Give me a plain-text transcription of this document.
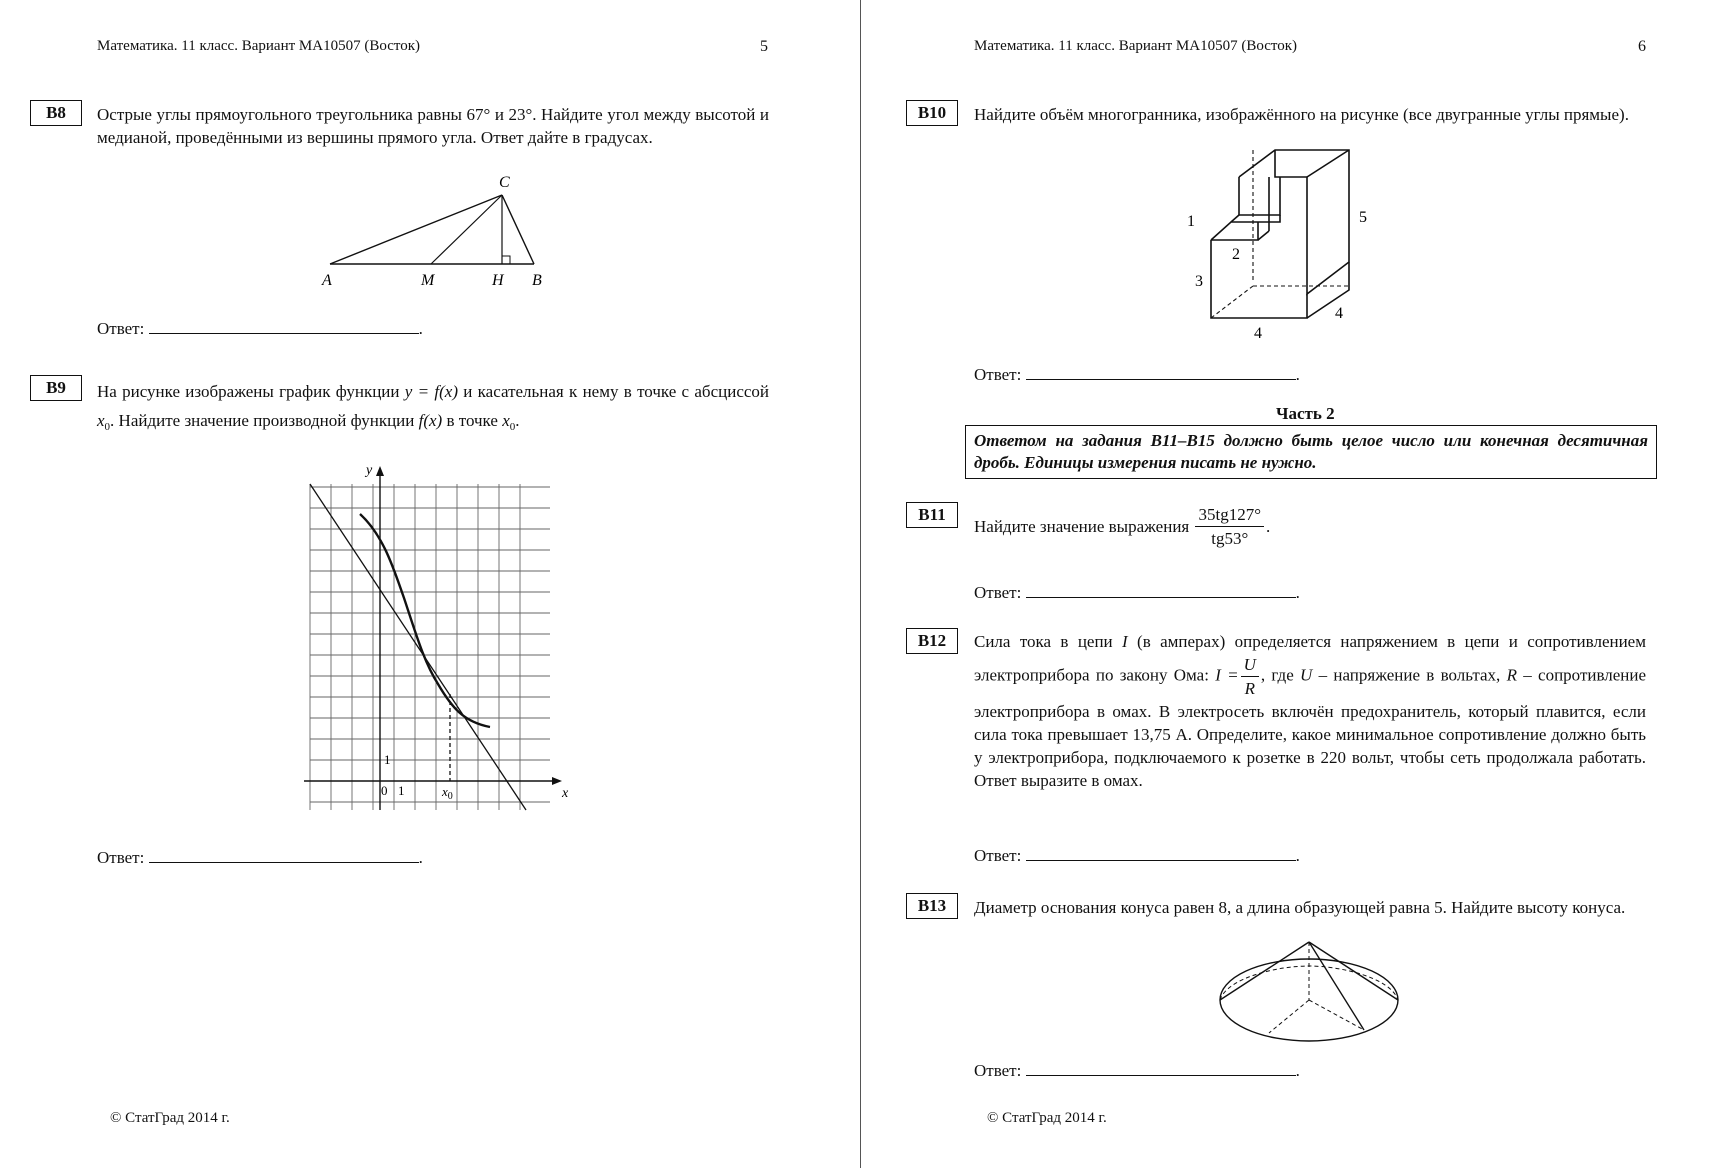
Математика. 11 класс. Вариант МА10507 (Восток)	5
B8	Острые углы прямоугольного треугольника равны 67° и 23°. Найдите угол между высотой и медианой, проведёнными из вершины прямого угла. Ответ дайте в градусах.
C
A	M	H B
Ответ:	.
B9	На рисунке изображены график функции y = f(x) и касательная к нему в точке с абсциссой $x_0$. Найдите значение производной функции f(x) в точке $x_0$.
y
x
0 1
1
$x_0$
Ответ:	.
© СтатГрад 2014 г.
Математика. 11 класс. Вариант МА10507 (Восток)	6
B10	Найдите объём многогранника, изображённого на рисунке (все двугранные углы прямые).
1
2
5
3
4
4
Ответ:	.
Часть 2
Ответом на задания B11–B15 должно быть целое число или конечная десятичная дробь. Единицы измерения писать не нужно.
B11
Найдите значение выражения $\frac{35tg127^\circ}{tg53^\circ}$ .
Ответ:	.
B12	Сила тока в цепи I (в амперах) определяется напряжением в цепи и сопротивлением электроприбора по закону Ома: $I = \frac{U}{R}$ , где U – напряжение в вольтах, R – сопротивление электроприбора в омах. В электросеть включён предохранитель, который плавится, если сила тока превышает 13,75 А. Определите, какое минимальное сопротивление должно быть у электроприбора, подключаемого к розетке в 220 вольт, чтобы сеть продолжала работать. Ответ выразите в омах.
Ответ:	.
B13	Диаметр основания конуса равен 8, а длина образующей равна 5. Найдите высоту конуса.
Ответ:	.
© СтатГрад 2014 г.
